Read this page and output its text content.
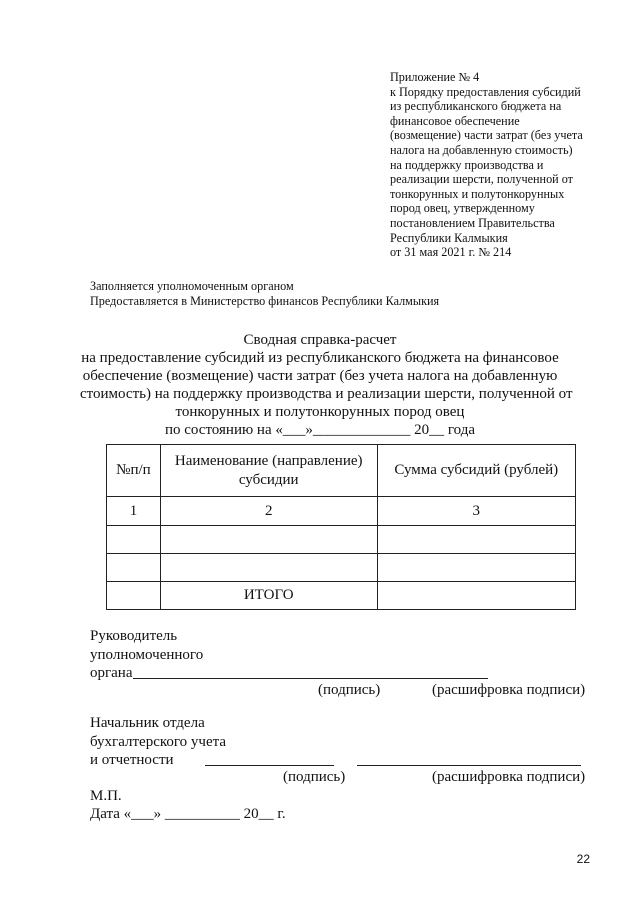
Приложение № 4
к Порядку предоставления субсидий
из республиканского бюджета на
финансовое обеспечение
(возмещение) части затрат (без учета
налога на добавленную стоимость)
на поддержку производства и
реализации шерсти, полученной от
тонкорунных и полутонкорунных
пород овец, утвержденному
постановлением Правительства
Республики Калмыкия
от 31 мая 2021 г. № 214
Заполняется уполномоченным органом
Предоставляется в Министерство финансов Республики Калмыкия
Сводная справка-расчет
на предоставление субсидий из республиканского бюджета на финансовое
обеспечение (возмещение) части затрат (без учета налога на добавленную
стоимость) на поддержку производства и реализации шерсти, полученной от
тонкорунных и полутонкорунных пород овец
по состоянию на «___»_____________ 20__ года
№п/п	Наименование (направление) субсидии	Сумма субсидий (рублей)
1	2	3

	ИТОГО	
Руководитель
уполномоченного
органа
(подпись)	(расшифровка подписи)
Начальник отдела
бухгалтерского учета
и отчетности
(подпись)	(расшифровка подписи)
М.П.
Дата «___» __________ 20__ г.
22
